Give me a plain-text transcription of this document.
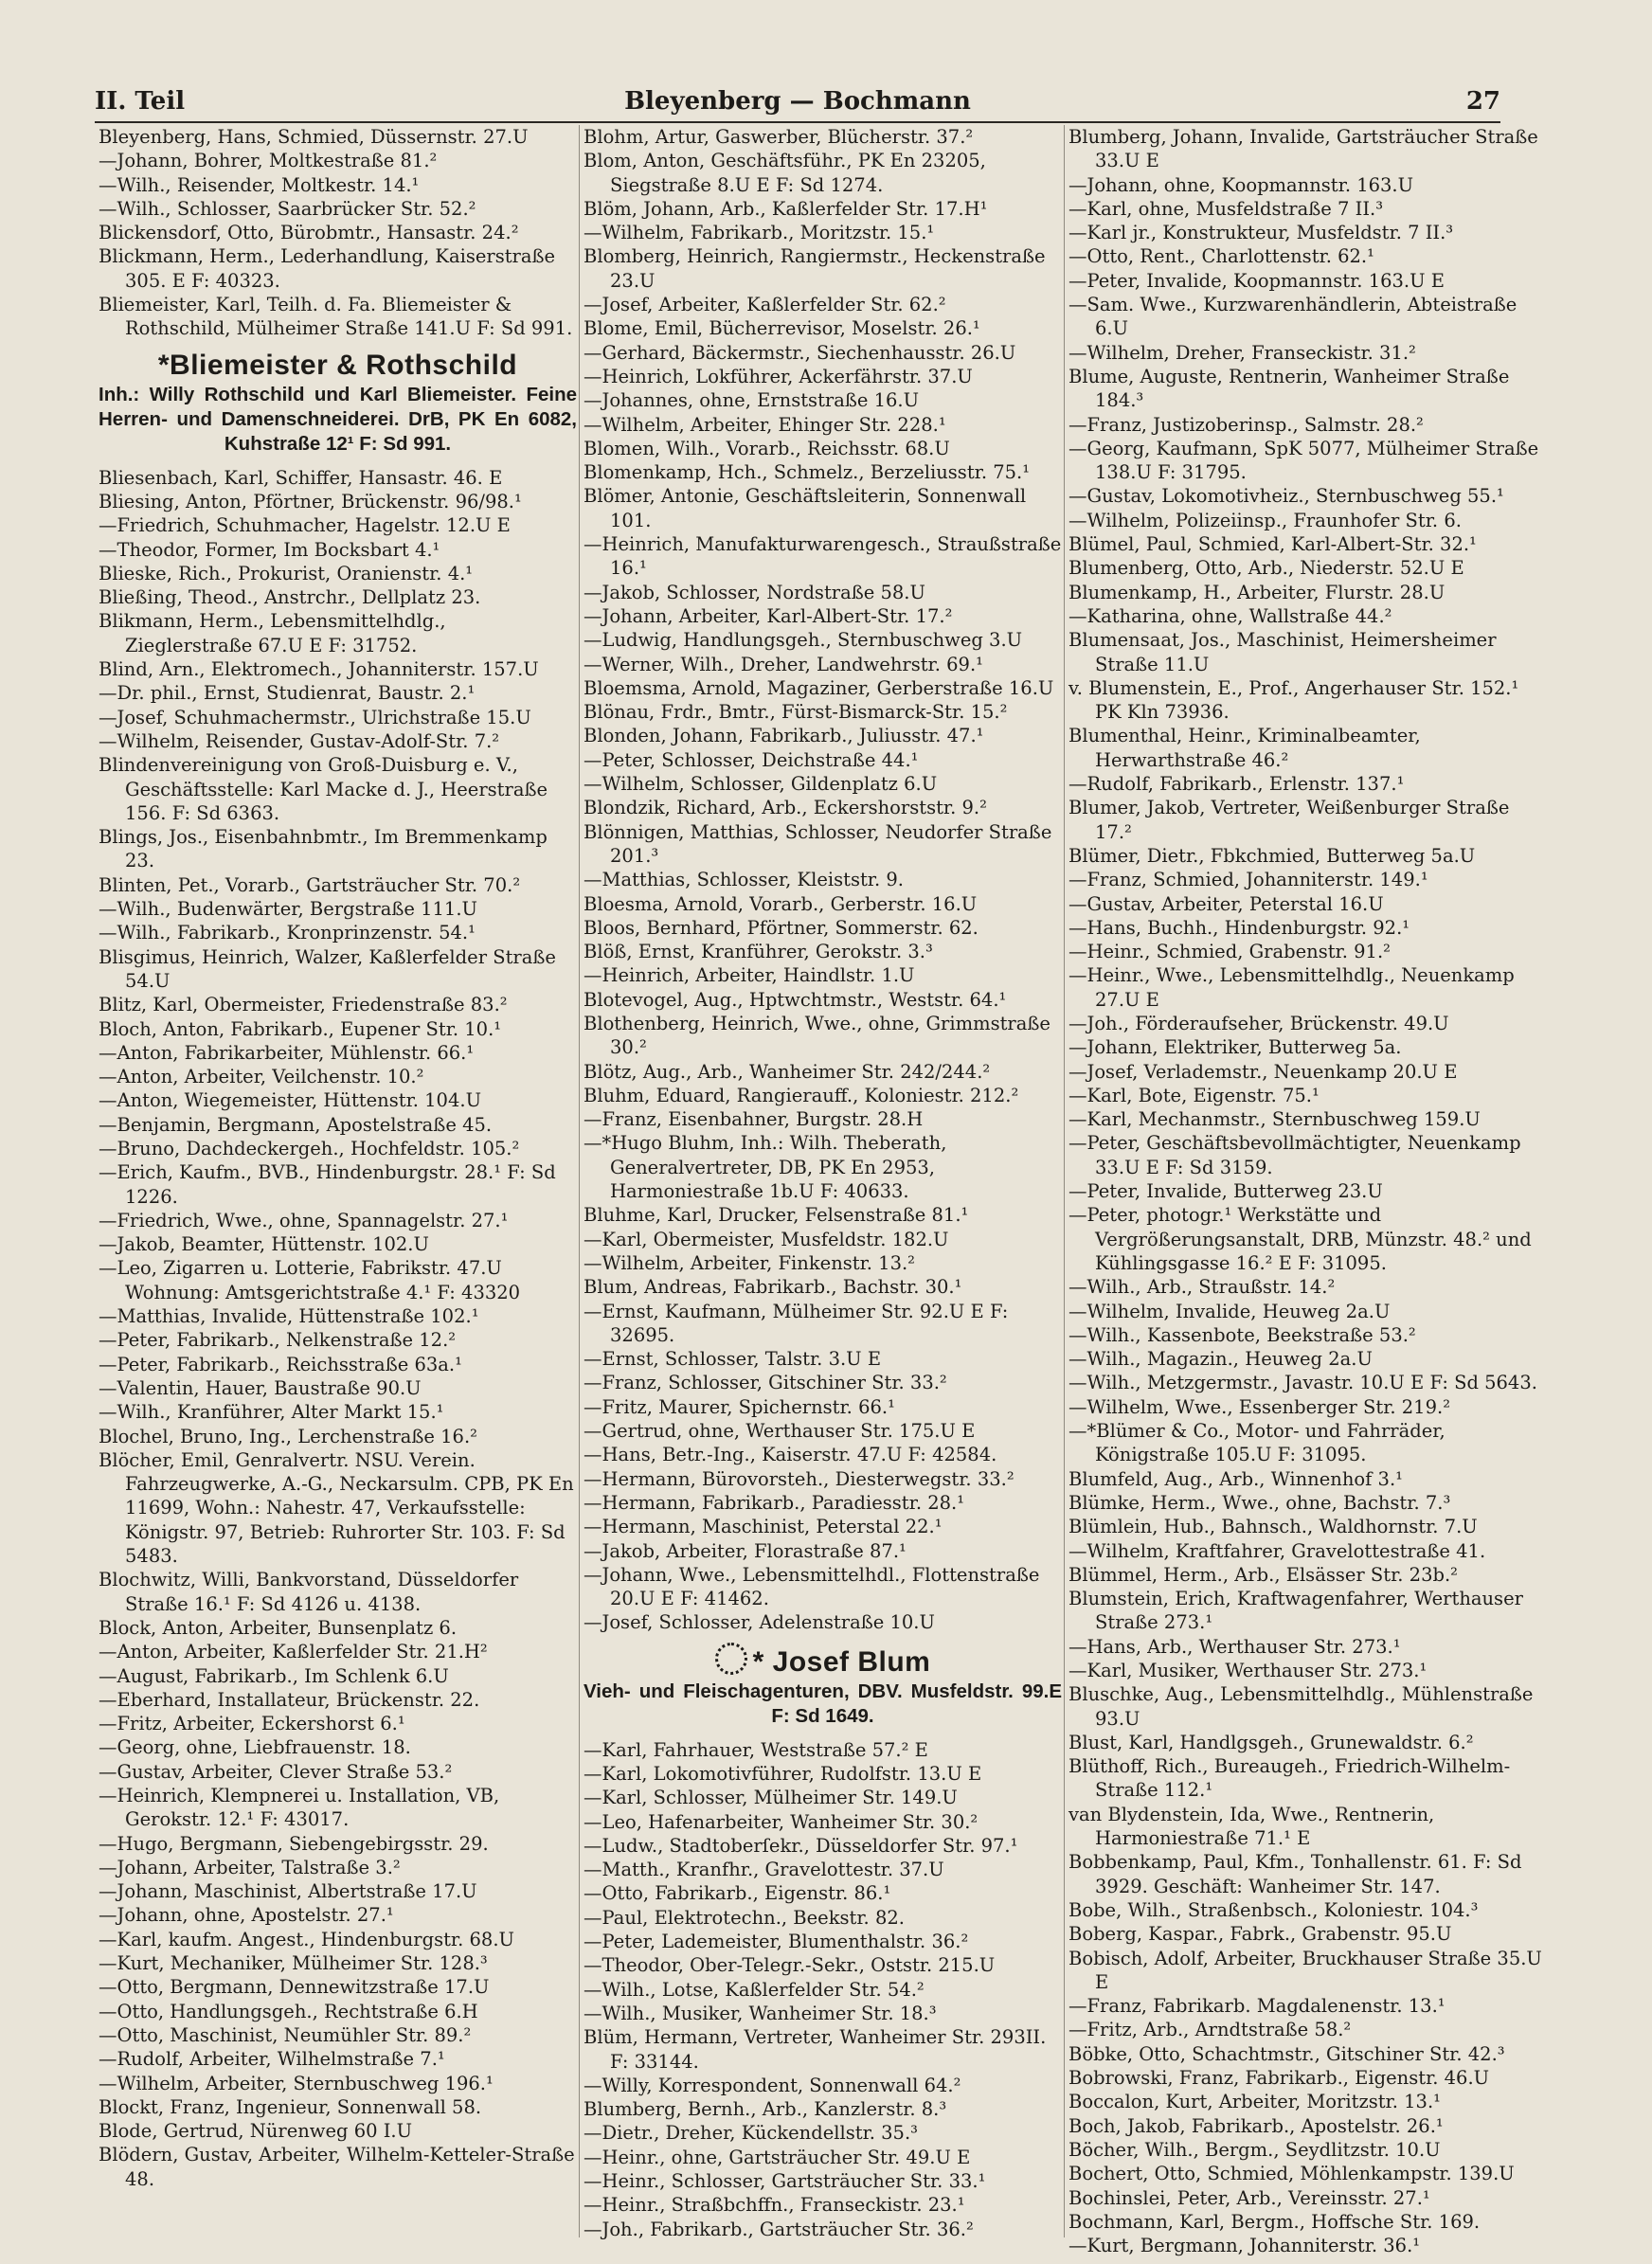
II. Teil	Bleyenberg — Bochmann	27

Bleyenberg, Hans, Schmied, Düssernstr. 27.U

—Johann, Bohrer, Moltkestraße 81.²

—Wilh., Reisender, Moltkestr. 14.¹

—Wilh., Schlosser, Saarbrücker Str. 52.²

Blickensdorf, Otto, Bürobmtr., Hansastr. 24.²

Blickmann, Herm., Lederhandlung, Kaiserstraße 305. E F: 40323.

Bliemeister, Karl, Teilh. d. Fa. Bliemeister & Rothschild, Mülheimer Straße 141.U F: Sd 991.

*Bliemeister & Rothschild
Inh.: Willy Rothschild und Karl Bliemeister. Feine Herren- und Damenschneiderei. DrB, PK En 6082, Kuhstraße 12¹ F: Sd 991.

Bliesenbach, Karl, Schiffer, Hansastr. 46. E

Bliesing, Anton, Pförtner, Brückenstr. 96/98.¹

—Friedrich, Schuhmacher, Hagelstr. 12.U E

—Theodor, Former, Im Bocksbart 4.¹

Blieske, Rich., Prokurist, Oranienstr. 4.¹

Bließing, Theod., Anstrchr., Dellplatz 23.

Blikmann, Herm., Lebensmittelhdlg., Zieglerstraße 67.U E F: 31752.

Blind, Arn., Elektromech., Johanniterstr. 157.U

—Dr. phil., Ernst, Studienrat, Baustr. 2.¹

—Josef, Schuhmachermstr., Ulrichstraße 15.U

—Wilhelm, Reisender, Gustav-Adolf-Str. 7.²

Blindenvereinigung von Groß-Duisburg e. V., Geschäftsstelle: Karl Macke d. J., Heerstraße 156. F: Sd 6363.

Blings, Jos., Eisenbahnbmtr., Im Bremmenkamp 23.

Blinten, Pet., Vorarb., Gartsträucher Str. 70.²

—Wilh., Budenwärter, Bergstraße 111.U

—Wilh., Fabrikarb., Kronprinzenstr. 54.¹

Blisgimus, Heinrich, Walzer, Kaßlerfelder Straße 54.U

Blitz, Karl, Obermeister, Friedenstraße 83.²

Bloch, Anton, Fabrikarb., Eupener Str. 10.¹

—Anton, Fabrikarbeiter, Mühlenstr. 66.¹

—Anton, Arbeiter, Veilchenstr. 10.²

—Anton, Wiegemeister, Hüttenstr. 104.U

—Benjamin, Bergmann, Apostelstraße 45.

—Bruno, Dachdeckergeh., Hochfeldstr. 105.²

—Erich, Kaufm., BVB., Hindenburgstr. 28.¹ F: Sd 1226.

—Friedrich, Wwe., ohne, Spannagelstr. 27.¹

—Jakob, Beamter, Hüttenstr. 102.U

—Leo, Zigarren u. Lotterie, Fabrikstr. 47.U Wohnung: Amtsgerichtstraße 4.¹ F: 43320

—Matthias, Invalide, Hüttenstraße 102.¹

—Peter, Fabrikarb., Nelkenstraße 12.²

—Peter, Fabrikarb., Reichsstraße 63a.¹

—Valentin, Hauer, Baustraße 90.U

—Wilh., Kranführer, Alter Markt 15.¹

Blochel, Bruno, Ing., Lerchenstraße 16.²

Blöcher, Emil, Genralvertr. NSU. Verein. Fahrzeugwerke, A.-G., Neckarsulm. CPB, PK En 11699, Wohn.: Nahestr. 47, Verkaufsstelle: Königstr. 97, Betrieb: Ruhrorter Str. 103. F: Sd 5483.

Blochwitz, Willi, Bankvorstand, Düsseldorfer Straße 16.¹ F: Sd 4126 u. 4138.

Block, Anton, Arbeiter, Bunsenplatz 6.

—Anton, Arbeiter, Kaßlerfelder Str. 21.H²

—August, Fabrikarb., Im Schlenk 6.U

—Eberhard, Installateur, Brückenstr. 22.

—Fritz, Arbeiter, Eckershorst 6.¹

—Georg, ohne, Liebfrauenstr. 18.

—Gustav, Arbeiter, Clever Straße 53.²

—Heinrich, Klempnerei u. Installation, VB, Gerokstr. 12.¹ F: 43017.

—Hugo, Bergmann, Siebengebirgsstr. 29.

—Johann, Arbeiter, Talstraße 3.²

—Johann, Maschinist, Albertstraße 17.U

—Johann, ohne, Apostelstr. 27.¹

—Karl, kaufm. Angest., Hindenburgstr. 68.U

—Kurt, Mechaniker, Mülheimer Str. 128.³

—Otto, Bergmann, Dennewitzstraße 17.U

—Otto, Handlungsgeh., Rechtstraße 6.H

—Otto, Maschinist, Neumühler Str. 89.²

—Rudolf, Arbeiter, Wilhelmstraße 7.¹

—Wilhelm, Arbeiter, Sternbuschweg 196.¹

Blockt, Franz, Ingenieur, Sonnenwall 58.

Blode, Gertrud, Nürenweg 60 I.U

Blödern, Gustav, Arbeiter, Wilhelm-Ketteler-Straße 48.

Blohm, Artur, Gaswerber, Blücherstr. 37.²

Blom, Anton, Geschäftsführ., PK En 23205, Siegstraße 8.U E F: Sd 1274.

Blöm, Johann, Arb., Kaßlerfelder Str. 17.H¹

—Wilhelm, Fabrikarb., Moritzstr. 15.¹

Blomberg, Heinrich, Rangiermstr., Heckenstraße 23.U

—Josef, Arbeiter, Kaßlerfelder Str. 62.²

Blome, Emil, Bücherrevisor, Moselstr. 26.¹

—Gerhard, Bäckermstr., Siechenhausstr. 26.U

—Heinrich, Lokführer, Ackerfährstr. 37.U

—Johannes, ohne, Ernststraße 16.U

—Wilhelm, Arbeiter, Ehinger Str. 228.¹

Blomen, Wilh., Vorarb., Reichsstr. 68.U

Blomenkamp, Hch., Schmelz., Berzeliusstr. 75.¹

Blömer, Antonie, Geschäftsleiterin, Sonnenwall 101.

—Heinrich, Manufakturwarengesch., Straußstraße 16.¹

—Jakob, Schlosser, Nordstraße 58.U

—Johann, Arbeiter, Karl-Albert-Str. 17.²

—Ludwig, Handlungsgeh., Sternbuschweg 3.U

—Werner, Wilh., Dreher, Landwehrstr. 69.¹

Bloemsma, Arnold, Magaziner, Gerberstraße 16.U

Blönau, Frdr., Bmtr., Fürst-Bismarck-Str. 15.²

Blonden, Johann, Fabrikarb., Juliusstr. 47.¹

—Peter, Schlosser, Deichstraße 44.¹

—Wilhelm, Schlosser, Gildenplatz 6.U

Blondzik, Richard, Arb., Eckershorststr. 9.²

Blönnigen, Matthias, Schlosser, Neudorfer Straße 201.³

—Matthias, Schlosser, Kleiststr. 9.

Bloesma, Arnold, Vorarb., Gerberstr. 16.U

Bloos, Bernhard, Pförtner, Sommerstr. 62.

Blöß, Ernst, Kranführer, Gerokstr. 3.³

—Heinrich, Arbeiter, Haindlstr. 1.U

Blotevogel, Aug., Hptwchtmstr., Weststr. 64.¹

Blothenberg, Heinrich, Wwe., ohne, Grimmstraße 30.²

Blötz, Aug., Arb., Wanheimer Str. 242/244.²

Bluhm, Eduard, Rangierauff., Koloniestr. 212.²

—Franz, Eisenbahner, Burgstr. 28.H

—*Hugo Bluhm, Inh.: Wilh. Theberath, Generalvertreter, DB, PK En 2953, Harmoniestraße 1b.U F: 40633.

Bluhme, Karl, Drucker, Felsenstraße 81.¹

—Karl, Obermeister, Musfeldstr. 182.U

—Wilhelm, Arbeiter, Finkenstr. 13.²

Blum, Andreas, Fabrikarb., Bachstr. 30.¹

—Ernst, Kaufmann, Mülheimer Str. 92.U E F: 32695.

—Ernst, Schlosser, Talstr. 3.U E

—Franz, Schlosser, Gitschiner Str. 33.²

—Fritz, Maurer, Spichernstr. 66.¹

—Gertrud, ohne, Werthauser Str. 175.U E

—Hans, Betr.-Ing., Kaiserstr. 47.U F: 42584.

—Hermann, Bürovorsteh., Diesterwegstr. 33.²

—Hermann, Fabrikarb., Paradiesstr. 28.¹

—Hermann, Maschinist, Peterstal 22.¹

—Jakob, Arbeiter, Florastraße 87.¹

—Johann, Wwe., Lebensmittelhdl., Flottenstraße 20.U E F: 41462.

—Josef, Schlosser, Adelenstraße 10.U

* Josef Blum
Vieh- und Fleischagenturen, DBV. Musfeldstr. 99.E F: Sd 1649.

—Karl, Fahrhauer, Weststraße 57.² E

—Karl, Lokomotivführer, Rudolfstr. 13.U E

—Karl, Schlosser, Mülheimer Str. 149.U

—Leo, Hafenarbeiter, Wanheimer Str. 30.²

—Ludw., Stadtoberſekr., Düsseldorfer Str. 97.¹

—Matth., Kranfhr., Gravelottestr. 37.U

—Otto, Fabrikarb., Eigenstr. 86.¹

—Paul, Elektrotechn., Beekstr. 82.

—Peter, Lademeister, Blumenthalstr. 36.²

—Theodor, Ober-Telegr.-Sekr., Oststr. 215.U

—Wilh., Lotse, Kaßlerfelder Str. 54.²

—Wilh., Musiker, Wanheimer Str. 18.³

Blüm, Hermann, Vertreter, Wanheimer Str. 293II. F: 33144.

—Willy, Korrespondent, Sonnenwall 64.²

Blumberg, Bernh., Arb., Kanzlerstr. 8.³

—Dietr., Dreher, Kückendellstr. 35.³

—Heinr., ohne, Gartsträucher Str. 49.U E

—Heinr., Schlosser, Gartsträucher Str. 33.¹

—Heinr., Straßbchffn., Franseckistr. 23.¹

—Joh., Fabrikarb., Gartsträucher Str. 36.²

Blumberg, Johann, Invalide, Gartsträucher Straße 33.U E

—Johann, ohne, Koopmannstr. 163.U

—Karl, ohne, Musfeldstraße 7 II.³

—Karl jr., Konstrukteur, Musfeldstr. 7 II.³

—Otto, Rent., Charlottenstr. 62.¹

—Peter, Invalide, Koopmannstr. 163.U E

—Sam. Wwe., Kurzwarenhändlerin, Abteistraße 6.U

—Wilhelm, Dreher, Franseckistr. 31.²

Blume, Auguste, Rentnerin, Wanheimer Straße 184.³

—Franz, Justizoberinsp., Salmstr. 28.²

—Georg, Kaufmann, SpK 5077, Mülheimer Straße 138.U F: 31795.

—Gustav, Lokomotivheiz., Sternbuschweg 55.¹

—Wilhelm, Polizeiinsp., Fraunhofer Str. 6.

Blümel, Paul, Schmied, Karl-Albert-Str. 32.¹

Blumenberg, Otto, Arb., Niederstr. 52.U E

Blumenkamp, H., Arbeiter, Flurstr. 28.U

—Katharina, ohne, Wallstraße 44.²

Blumensaat, Jos., Maschinist, Heimersheimer Straße 11.U

v. Blumenstein, E., Prof., Angerhauser Str. 152.¹ PK Kln 73936.

Blumenthal, Heinr., Kriminalbeamter, Herwarthstraße 46.²

—Rudolf, Fabrikarb., Erlenstr. 137.¹

Blumer, Jakob, Vertreter, Weißenburger Straße 17.²

Blümer, Dietr., Fbkchmied, Butterweg 5a.U

—Franz, Schmied, Johanniterstr. 149.¹

—Gustav, Arbeiter, Peterstal 16.U

—Hans, Buchh., Hindenburgstr. 92.¹

—Heinr., Schmied, Grabenstr. 91.²

—Heinr., Wwe., Lebensmittelhdlg., Neuenkamp 27.U E

—Joh., Förderaufseher, Brückenstr. 49.U

—Johann, Elektriker, Butterweg 5a.

—Josef, Verlademstr., Neuenkamp 20.U E

—Karl, Bote, Eigenstr. 75.¹

—Karl, Mechanmstr., Sternbuschweg 159.U

—Peter, Geschäftsbevollmächtigter, Neuenkamp 33.U E F: Sd 3159.

—Peter, Invalide, Butterweg 23.U

—Peter, photogr.¹ Werkstätte und Vergrößerungsanstalt, DRB, Münzstr. 48.² und Kühlingsgasse 16.² E F: 31095.

—Wilh., Arb., Straußstr. 14.²

—Wilhelm, Invalide, Heuweg 2a.U

—Wilh., Kassenbote, Beekstraße 53.²

—Wilh., Magazin., Heuweg 2a.U

—Wilh., Metzgermstr., Javastr. 10.U E F: Sd 5643.

—Wilhelm, Wwe., Essenberger Str. 219.²

—*Blümer & Co., Motor- und Fahrräder, Königstraße 105.U F: 31095.

Blumfeld, Aug., Arb., Winnenhof 3.¹

Blümke, Herm., Wwe., ohne, Bachstr. 7.³

Blümlein, Hub., Bahnsch., Waldhornstr. 7.U

—Wilhelm, Kraftfahrer, Gravelottestraße 41.

Blümmel, Herm., Arb., Elsässer Str. 23b.²

Blumstein, Erich, Kraftwagenfahrer, Werthauser Straße 273.¹

—Hans, Arb., Werthauser Str. 273.¹

—Karl, Musiker, Werthauser Str. 273.¹

Bluschke, Aug., Lebensmittelhdlg., Mühlenstraße 93.U

Blust, Karl, Handlgsgeh., Grunewaldstr. 6.²

Blüthoff, Rich., Bureaugeh., Friedrich-Wilhelm-Straße 112.¹

van Blydenstein, Ida, Wwe., Rentnerin, Harmoniestraße 71.¹ E

Bobbenkamp, Paul, Kfm., Tonhallenstr. 61. F: Sd 3929. Geschäft: Wanheimer Str. 147.

Bobe, Wilh., Straßenbsch., Koloniestr. 104.³

Boberg, Kaspar., Fabrk., Grabenstr. 95.U

Bobisch, Adolf, Arbeiter, Bruckhauser Straße 35.U E

—Franz, Fabrikarb. Magdalenenstr. 13.¹

—Fritz, Arb., Arndtstraße 58.²

Böbke, Otto, Schachtmstr., Gitschiner Str. 42.³

Bobrowski, Franz, Fabrikarb., Eigenstr. 46.U

Boccalon, Kurt, Arbeiter, Moritzstr. 13.¹

Boch, Jakob, Fabrikarb., Apostelstr. 26.¹

Böcher, Wilh., Bergm., Seydlitzstr. 10.U

Bochert, Otto, Schmied, Möhlenkampstr. 139.U

Bochinslei, Peter, Arb., Vereinsstr. 27.¹

Bochmann, Karl, Bergm., Hoffsche Str. 169.

—Kurt, Bergmann, Johanniterstr. 36.¹
